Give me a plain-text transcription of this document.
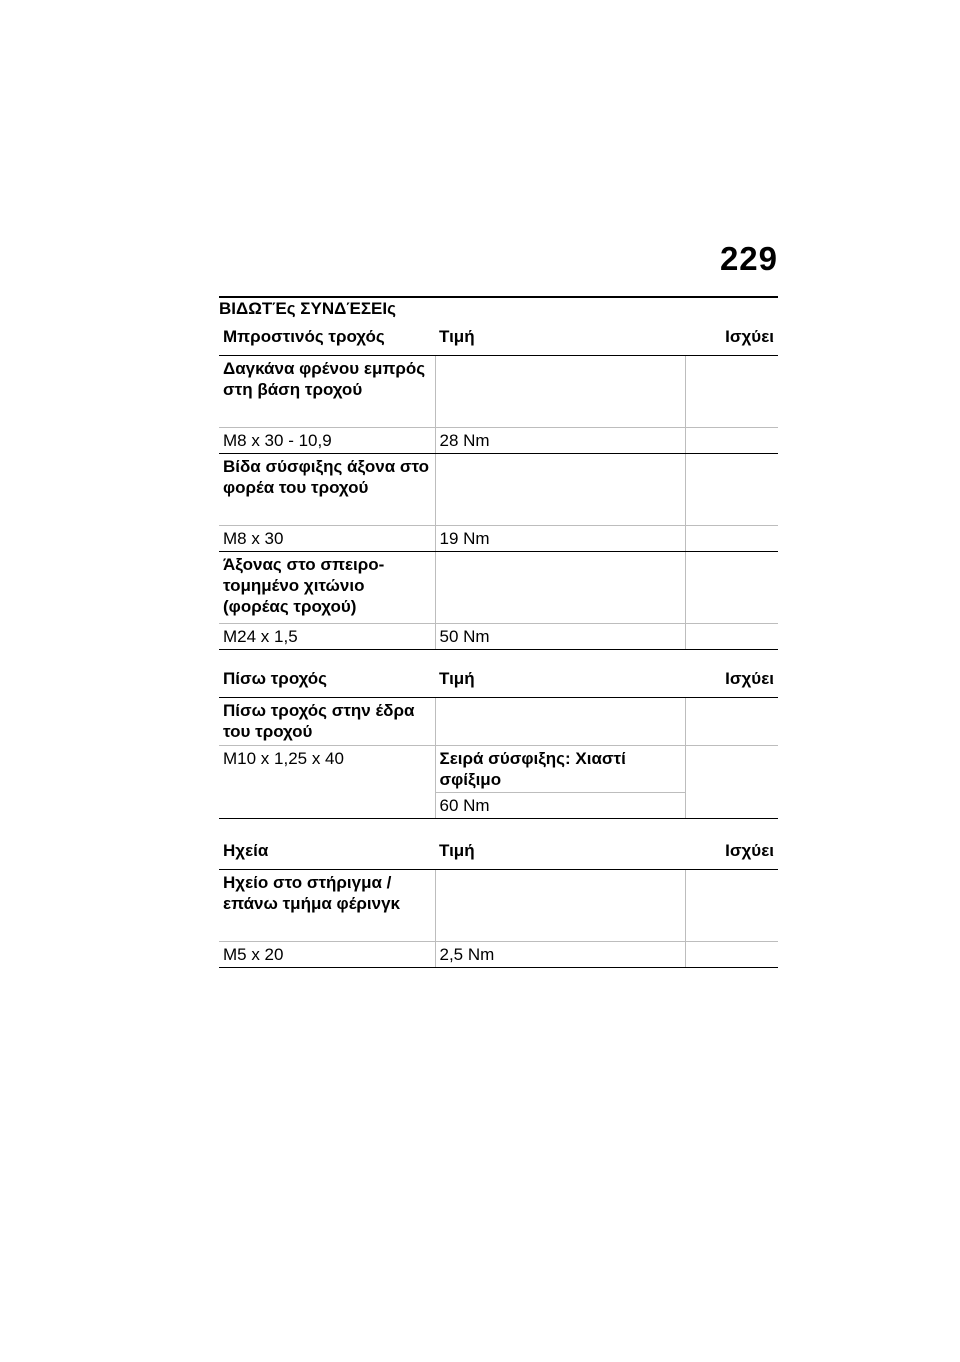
229
ΒΙΔΩΤΈς ΣΥΝΔΈΣΕΙς
Μπροστινός τροχός	Τιμή	Ισχύει
Δαγκάνα φρένου εμπρός στη βάση τροχού		
M8 x 30 - 10,9	28 Nm	
Βίδα σύσφιξης άξονα στο φορέα του τροχού		
M8 x 30	19 Nm	
Άξονας στο σπειρο-τομημένο χιτώνιο (φορέας τροχού)		
M24 x 1,5	50 Nm	
Πίσω τροχός	Τιμή	Ισχύει
Πίσω τροχός στην έδρα του τροχού		
M10 x 1,25 x 40	Σειρά σύσφιξης: Χιαστί σφίξιμο	
	60 Nm	
Ηχεία	Τιμή	Ισχύει
Ηχείο στο στήριγμα / επάνω τμήμα φέρινγκ		
M5 x 20	2,5 Nm	
